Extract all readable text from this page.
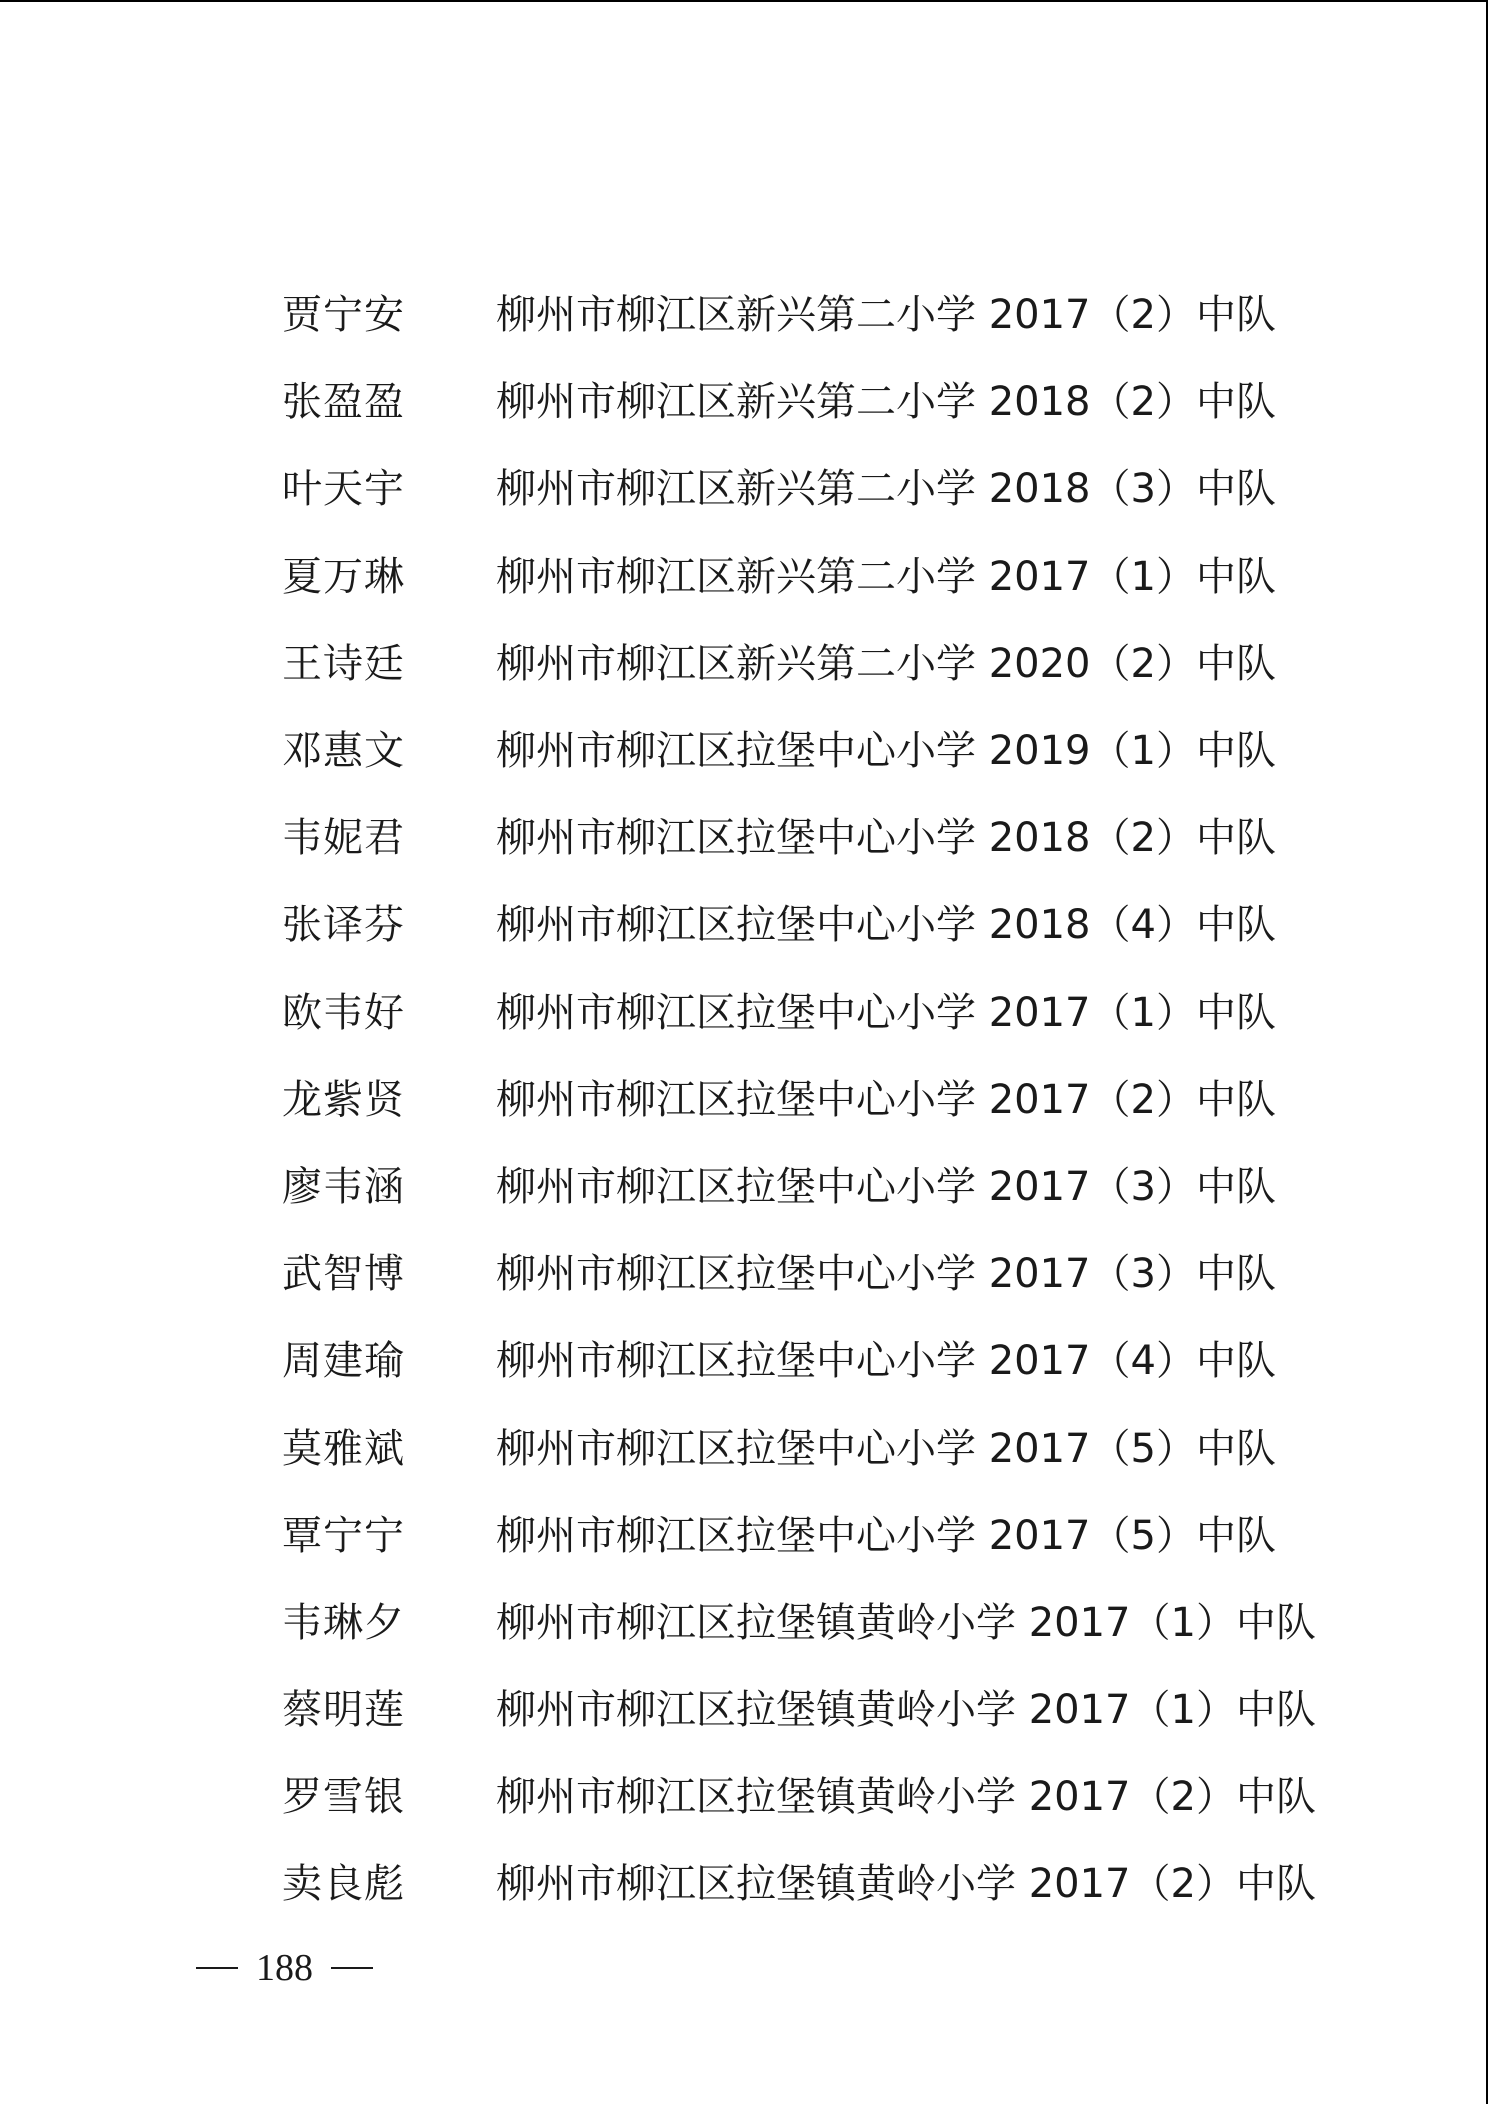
贾宁安	柳州市柳江区新兴第二小学 2017（2）中队
张盈盈	柳州市柳江区新兴第二小学 2018（2）中队
叶天宇	柳州市柳江区新兴第二小学 2018（3）中队
夏万琳	柳州市柳江区新兴第二小学 2017（1）中队
王诗廷	柳州市柳江区新兴第二小学 2020（2）中队
邓惠文	柳州市柳江区拉堡中心小学 2019（1）中队
韦妮君	柳州市柳江区拉堡中心小学 2018（2）中队
张译芬	柳州市柳江区拉堡中心小学 2018（4）中队
欧韦好	柳州市柳江区拉堡中心小学 2017（1）中队
龙紫贤	柳州市柳江区拉堡中心小学 2017（2）中队
廖韦涵	柳州市柳江区拉堡中心小学 2017（3）中队
武智博	柳州市柳江区拉堡中心小学 2017（3）中队
周建瑜	柳州市柳江区拉堡中心小学 2017（4）中队
莫雅斌	柳州市柳江区拉堡中心小学 2017（5）中队
覃宁宁	柳州市柳江区拉堡中心小学 2017（5）中队
韦琳夕	柳州市柳江区拉堡镇黄岭小学 2017（1）中队
蔡明莲	柳州市柳江区拉堡镇黄岭小学 2017（1）中队
罗雪银	柳州市柳江区拉堡镇黄岭小学 2017（2）中队
卖良彪	柳州市柳江区拉堡镇黄岭小学 2017（2）中队
188
